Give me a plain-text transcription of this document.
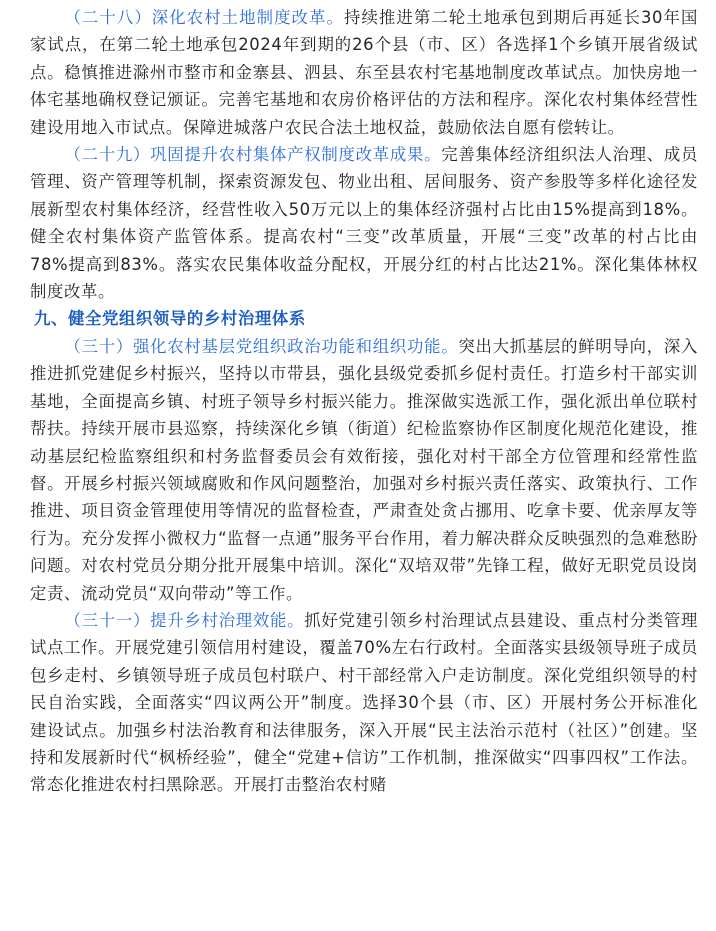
（二十八）深化农村土地制度改革。持续推进第二轮土地承包到期后再延长30年国家试点，在第二轮土地承包2024年到期的26个县（市、区）各选择1个乡镇开展省级试点。稳慎推进滁州市整市和金寨县、泗县、东至县农村宅基地制度改革试点。加快房地一体宅基地确权登记颁证。完善宅基地和农房价格评估的方法和程序。深化农村集体经营性建设用地入市试点。保障进城落户农民合法土地权益，鼓励依法自愿有偿转让。

（二十九）巩固提升农村集体产权制度改革成果。完善集体经济组织法人治理、成员管理、资产管理等机制，探索资源发包、物业出租、居间服务、资产参股等多样化途径发展新型农村集体经济，经营性收入50万元以上的集体经济强村占比由15%提高到18%。健全农村集体资产监管体系。提高农村“三变”改革质量，开展“三变”改革的村占比由78%提高到83%。落实农民集体收益分配权，开展分红的村占比达21%。深化集体林权制度改革。

九、健全党组织领导的乡村治理体系

（三十）强化农村基层党组织政治功能和组织功能。突出大抓基层的鲜明导向，深入推进抓党建促乡村振兴，坚持以市带县，强化县级党委抓乡促村责任。打造乡村干部实训基地，全面提高乡镇、村班子领导乡村振兴能力。推深做实选派工作，强化派出单位联村帮扶。持续开展市县巡察，持续深化乡镇（街道）纪检监察协作区制度化规范化建设，推动基层纪检监察组织和村务监督委员会有效衔接，强化对村干部全方位管理和经常性监督。开展乡村振兴领域腐败和作风问题整治，加强对乡村振兴责任落实、政策执行、工作推进、项目资金管理使用等情况的监督检查，严肃查处贪占挪用、吃拿卡要、优亲厚友等行为。充分发挥小微权力“监督一点通”服务平台作用，着力解决群众反映强烈的急难愁盼问题。对农村党员分期分批开展集中培训。深化“双培双带”先锋工程，做好无职党员设岗定责、流动党员“双向带动”等工作。

（三十一）提升乡村治理效能。抓好党建引领乡村治理试点县建设、重点村分类管理试点工作。开展党建引领信用村建设，覆盖70%左右行政村。全面落实县级领导班子成员包乡走村、乡镇领导班子成员包村联户、村干部经常入户走访制度。深化党组织领导的村民自治实践，全面落实“四议两公开”制度。选择30个县（市、区）开展村务公开标准化建设试点。加强乡村法治教育和法律服务，深入开展“民主法治示范村（社区）”创建。坚持和发展新时代“枫桥经验”，健全“党建+信访”工作机制，推深做实“四事四权”工作法。常态化推进农村扫黑除恶。开展打击整治农村赌
